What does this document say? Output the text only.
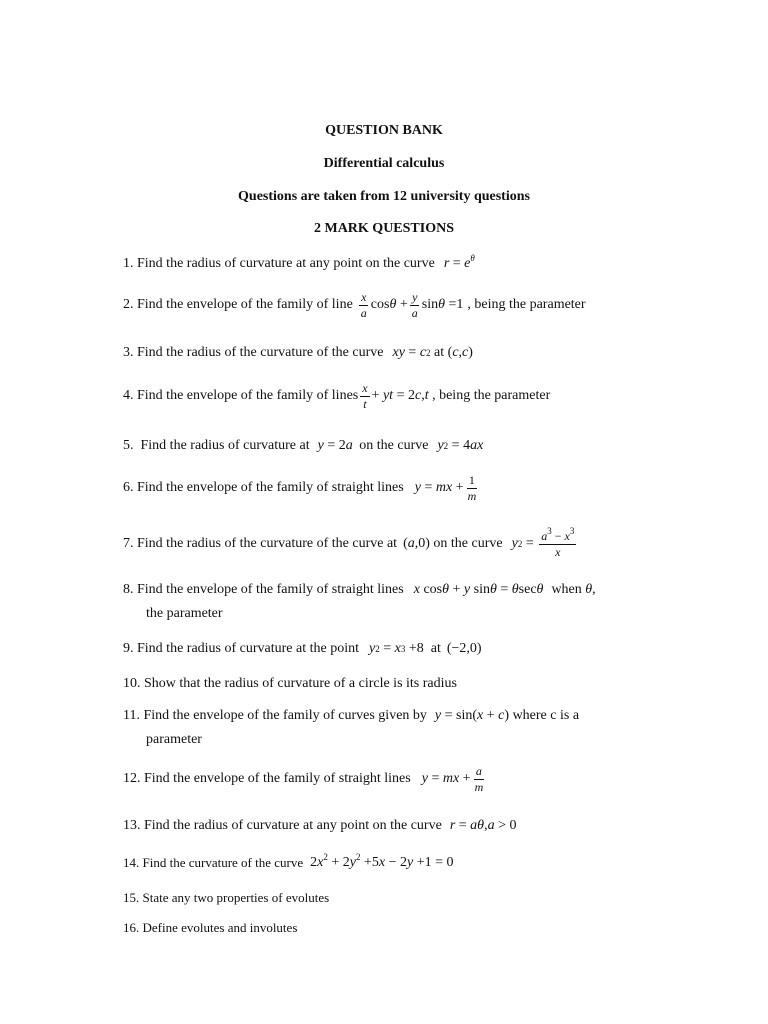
QUESTION BANK
Differential calculus
Questions are taken from 12 university questions
2 MARK QUESTIONS
1.
Find the radius of curvature at any point on the curve $r = e^\theta$
2.
Find the envelope of the family of line $\frac{x}{a}$ $\cos \theta + \frac{y}{a}$ sin θ =1 , being the parameter
3.
Find the radius of the curvature of the curve xy = c 2
at ( c , c )
4.
Find the envelope of the family of lines $\frac{x}{t}$ + yt = 2 c , t
, being the parameter
5.
Find the radius of curvature at y = 2 a
on the curve y 2 = 4 ax
6.
Find the envelope of the family of straight lines y = mx + $\frac{1}{m}$
7.
Find the radius of the curvature of the curve at ( a ,0) on the curve y $2 = \frac{a^3 - x^3}{x}$
8.
Find the envelope of the family of straight lines x cos θ + y sin θ = θ sec θ when
θ ,
the parameter
9.
Find the radius of curvature at the point y 2 = x 3 +8 at (−2,0)
10.
Show that the radius of curvature of a circle is its radius
11.
Find the envelope of the family of curves given by y = sin( x + c ) where c is a
parameter
12.
Find the envelope of the family of straight lines y = mx + $\frac{a}{m}$
13.
Find the radius of curvature at any point on the curve r = aθ , a > 0
14.
Find the curvature of the curve $2x^2 + 2y^2 +5x - 2y +1 = 0$
15.
State any two properties of evolutes
16.
Define evolutes and involutes
